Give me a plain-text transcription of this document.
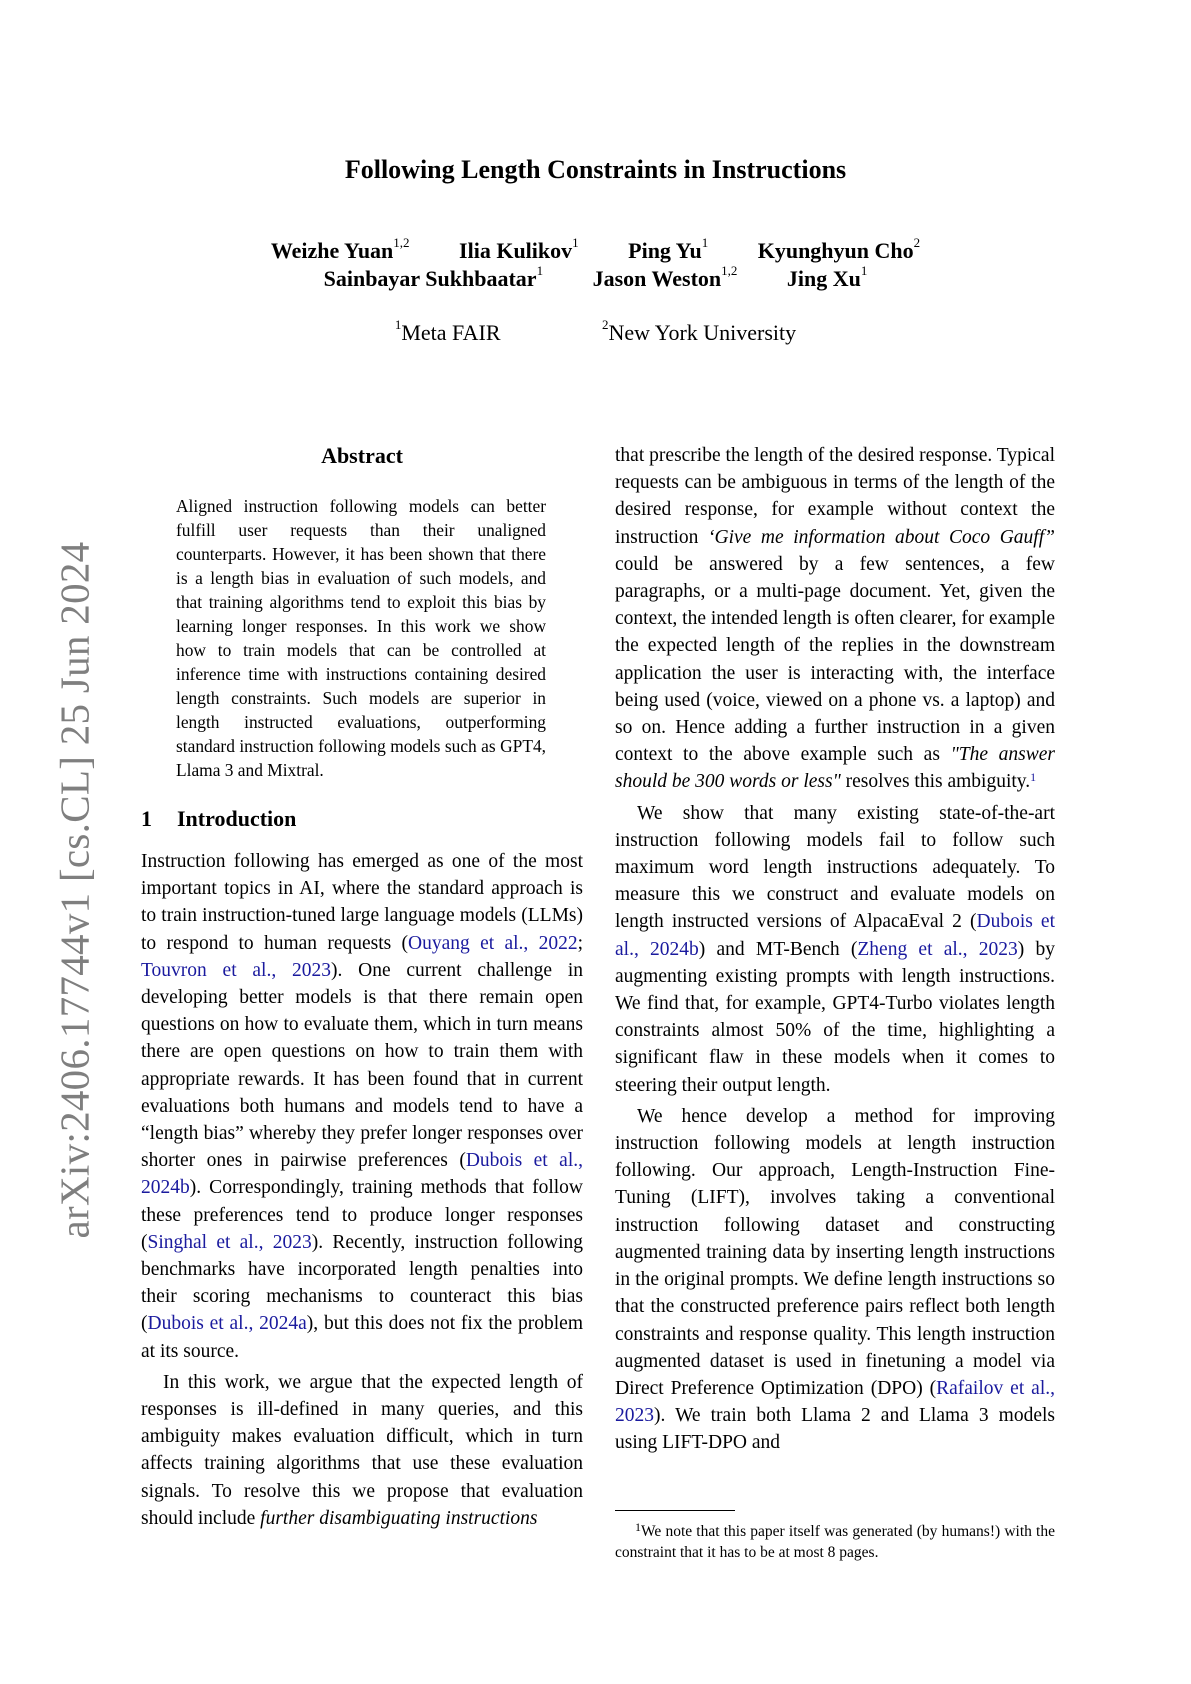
arXiv:2406.17744v1 [cs.CL] 25 Jun 2024
Following Length Constraints in Instructions
Weizhe Yuan$^{1,2}$ Ilia Kulikov$^1$ Ping Yu$^1$ Kyunghyun Cho$^2$
Sainbayar Sukhbaatar$^1$ Jason Weston$^{1,2}$ Jing Xu$^1$
$^1$Meta FAIR	$^2$New York University
Abstract

Aligned instruction following models can better fulfill user requests than their unaligned counterparts. However, it has been shown that there is a length bias in evaluation of such models, and that training algorithms tend to exploit this bias by learning longer responses. In this work we show how to train models that can be controlled at inference time with instructions containing desired length constraints. Such models are superior in length instructed evaluations, outperforming standard instruction following models such as GPT4, Llama 3 and Mixtral.

1 Introduction

Instruction following has emerged as one of the most important topics in AI, where the standard approach is to train instruction-tuned large language models (LLMs) to respond to human requests (Ouyang et al., 2022; Touvron et al., 2023). One current challenge in developing better models is that there remain open questions on how to evaluate them, which in turn means there are open questions on how to train them with appropriate rewards. It has been found that in current evaluations both humans and models tend to have a “length bias” whereby they prefer longer responses over shorter ones in pairwise preferences (Dubois et al., 2024b). Correspondingly, training methods that follow these preferences tend to produce longer responses (Singhal et al., 2023). Recently, instruction following benchmarks have incorporated length penalties into their scoring mechanisms to counteract this bias (Dubois et al., 2024a), but this does not fix the problem at its source.

In this work, we argue that the expected length of responses is ill-defined in many queries, and this ambiguity makes evaluation difficult, which in turn affects training algorithms that use these evaluation signals. To resolve this we propose that evaluation should include further disambiguating instructions

that prescribe the length of the desired response. Typical requests can be ambiguous in terms of the length of the desired response, for example without context the instruction ‘Give me information about Coco Gauff” could be answered by a few sentences, a few paragraphs, or a multi-page document. Yet, given the context, the intended length is often clearer, for example the expected length of the replies in the downstream application the user is interacting with, the interface being used (voice, viewed on a phone vs. a laptop) and so on. Hence adding a further instruction in a given context to the above example such as "The answer should be 300 words or less" resolves this ambiguity.$^1$

We show that many existing state-of-the-art instruction following models fail to follow such maximum word length instructions adequately. To measure this we construct and evaluate models on length instructed versions of AlpacaEval 2 (Dubois et al., 2024b) and MT-Bench (Zheng et al., 2023) by augmenting existing prompts with length instructions. We find that, for example, GPT4-Turbo violates length constraints almost 50% of the time, highlighting a significant flaw in these models when it comes to steering their output length.

We hence develop a method for improving instruction following models at length instruction following. Our approach, Length-Instruction Fine-Tuning (LIFT), involves taking a conventional instruction following dataset and constructing augmented training data by inserting length instructions in the original prompts. We define length instructions so that the constructed preference pairs reflect both length constraints and response quality. This length instruction augmented dataset is used in finetuning a model via Direct Preference Optimization (DPO) (Rafailov et al., 2023). We train both Llama 2 and Llama 3 models using LIFT-DPO and

$^1$We note that this paper itself was generated (by humans!) with the constraint that it has to be at most 8 pages.
